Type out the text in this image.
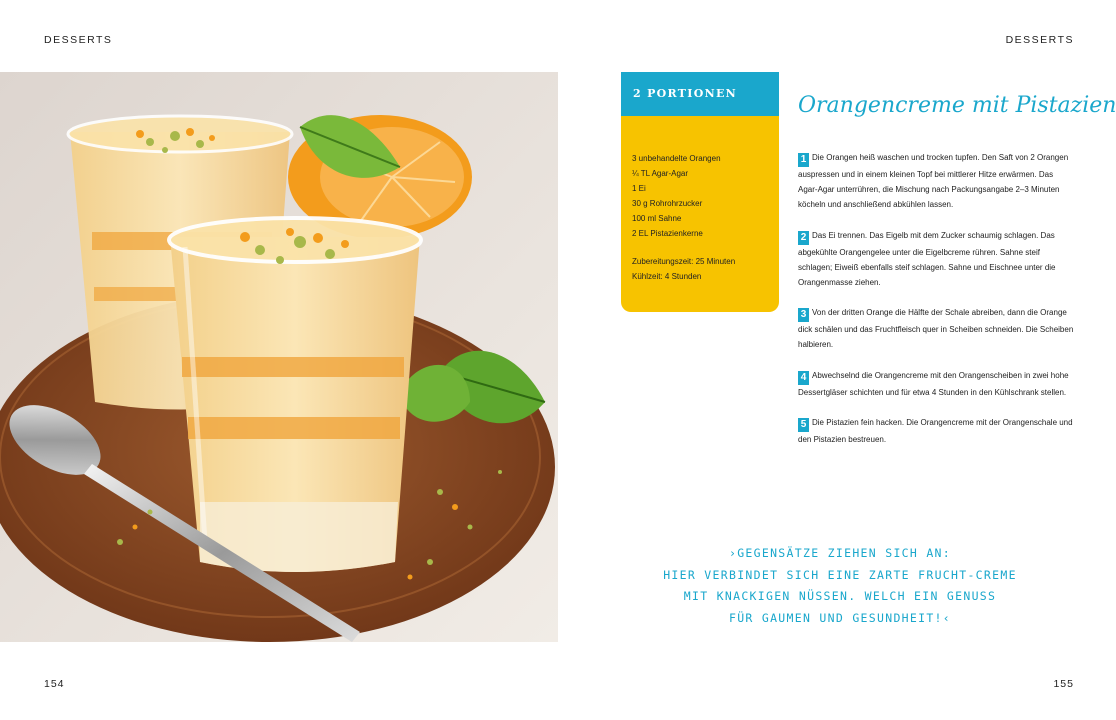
DESSERTS	DESSERTS
2 PORTIONEN
3 unbehandelte Orangen
¼ TL Agar-Agar
1 Ei
30 g Rohrohrzucker
100 ml Sahne
2 EL Pistazienkerne
Zubereitungszeit: 25 Minuten
Kühlzeit: 4 Stunden
Orangencreme mit Pistazien
1 Die Orangen heiß waschen und trocken tupfen. Den Saft von 2 Orangen auspressen und in einem kleinen Topf bei mittlerer Hitze erwärmen. Das Agar-Agar unterrühren, die Mischung nach Packungsangabe 2–3 Minuten köcheln und anschließend abkühlen lassen.
2 Das Ei trennen. Das Eigelb mit dem Zucker schaumig schlagen. Das abgekühlte Orangengelee unter die Eigelbcreme rühren. Sahne steif schlagen; Eiweiß ebenfalls steif schlagen. Sahne und Eischnee unter die Orangenmasse ziehen.
3 Von der dritten Orange die Hälfte der Schale abreiben, dann die Orange dick schälen und das Fruchtfleisch quer in Scheiben schneiden. Die Scheiben halbieren.
4 Abwechselnd die Orangencreme mit den Orangenscheiben in zwei hohe Dessertgläser schichten und für etwa 4 Stunden in den Kühlschrank stellen.
5 Die Pistazien fein hacken. Die Orangencreme mit der Orangenschale und den Pistazien bestreuen.
›GEGENSÄTZE ZIEHEN SICH AN:
HIER VERBINDET SICH EINE ZARTE FRUCHT-CREME
MIT KNACKIGEN NÜSSEN. WELCH EIN GENUSS
FÜR GAUMEN UND GESUNDHEIT!‹
154	155
